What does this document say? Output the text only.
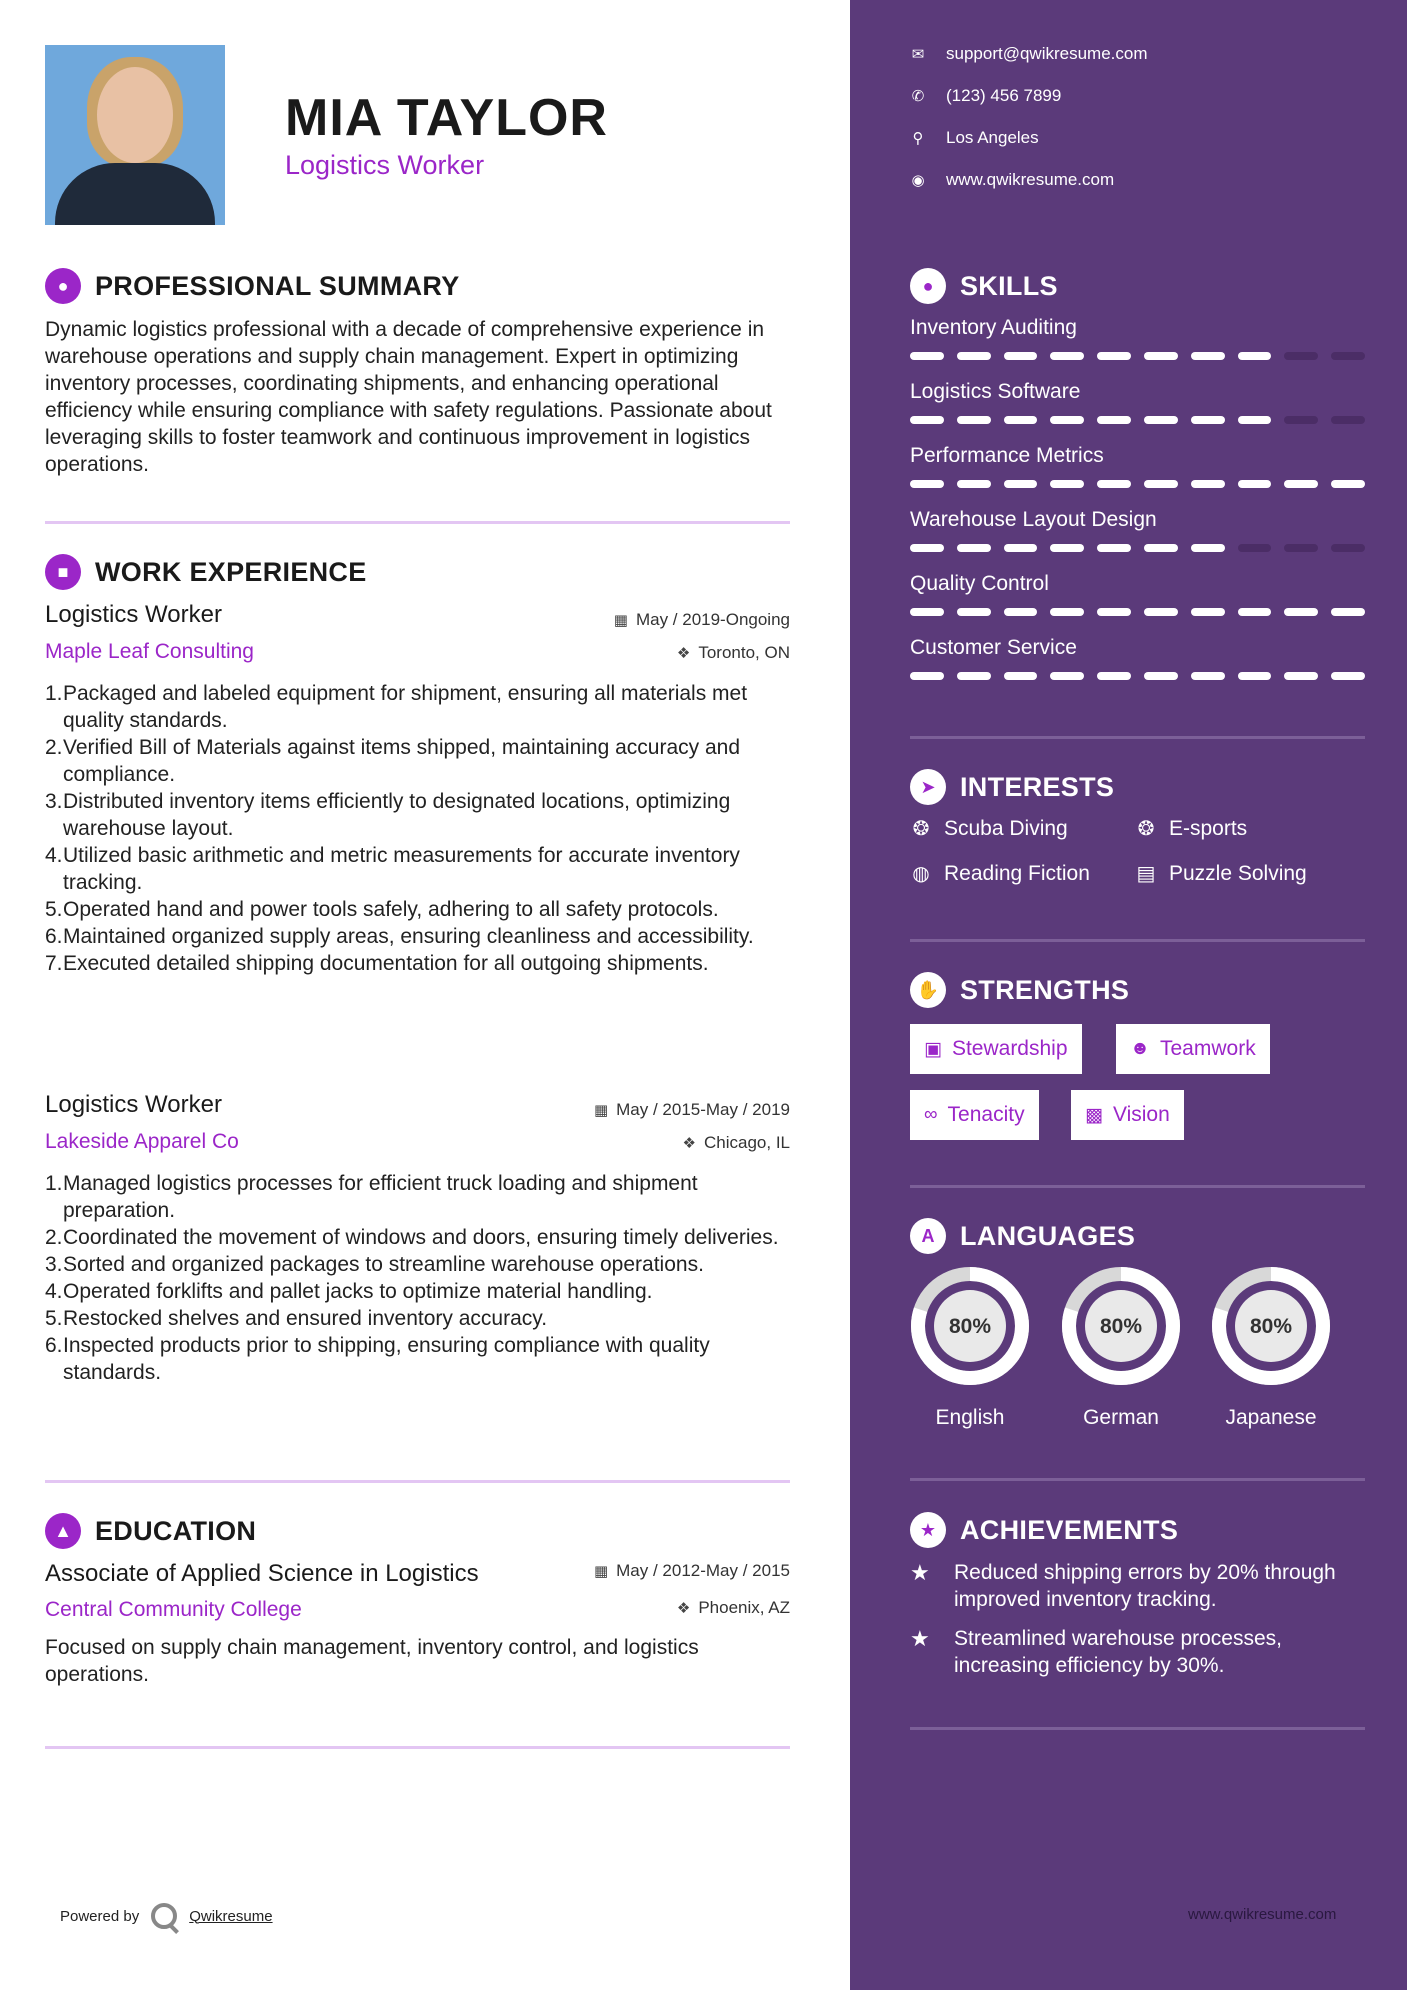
MIA TAYLOR
Logistics Worker
● PROFESSIONAL SUMMARY
Dynamic logistics professional with a decade of comprehensive experience in warehouse operations and supply chain management. Expert in optimizing inventory processes, coordinating shipments, and enhancing operational efficiency while ensuring compliance with safety regulations. Passionate about leveraging skills to foster teamwork and continuous improvement in logistics operations.
■ WORK EXPERIENCE
Logistics Worker	▦ May / 2019-Ongoing
Maple Leaf Consulting	❖ Toronto, ON
1. Packaged and labeled equipment for shipment, ensuring all materials met quality standards.
2. Verified Bill of Materials against items shipped, maintaining accuracy and compliance.
3. Distributed inventory items efficiently to designated locations, optimizing warehouse layout.
4. Utilized basic arithmetic and metric measurements for accurate inventory tracking.
5. Operated hand and power tools safely, adhering to all safety protocols.
6. Maintained organized supply areas, ensuring cleanliness and accessibility.
7. Executed detailed shipping documentation for all outgoing shipments.
Logistics Worker	▦ May / 2015-May / 2019
Lakeside Apparel Co	❖ Chicago, IL
1. Managed logistics processes for efficient truck loading and shipment preparation.
2. Coordinated the movement of windows and doors, ensuring timely deliveries.
3. Sorted and organized packages to streamline warehouse operations.
4. Operated forklifts and pallet jacks to optimize material handling.
5. Restocked shelves and ensured inventory accuracy.
6. Inspected products prior to shipping, ensuring compliance with quality standards.
▲ EDUCATION
Associate of Applied Science in Logistics	▦ May / 2012-May / 2015
Central Community College	❖ Phoenix, AZ
Focused on supply chain management, inventory control, and logistics operations.
Powered by	Qwikresume
✉ support@qwikresume.com
✆ (123) 456 7899
⚲ Los Angeles
◉ www.qwikresume.com
● SKILLS
Inventory Auditing
Logistics Software
Performance Metrics
Warehouse Layout Design
Quality Control
Customer Service
➤ INTERESTS
❂ Scuba Diving	❂ E-sports
◍ Reading Fiction ▤ Puzzle Solving
✋ STRENGTHS
▣ Stewardship	☻ Teamwork
∞ Tenacity	▩ Vision
A LANGUAGES
80%
English
80%
German
80%
Japanese
★ ACHIEVEMENTS
★	Reduced shipping errors by 20% through improved inventory tracking.
★	Streamlined warehouse processes, increasing efficiency by 30%.
www.qwikresume.com
